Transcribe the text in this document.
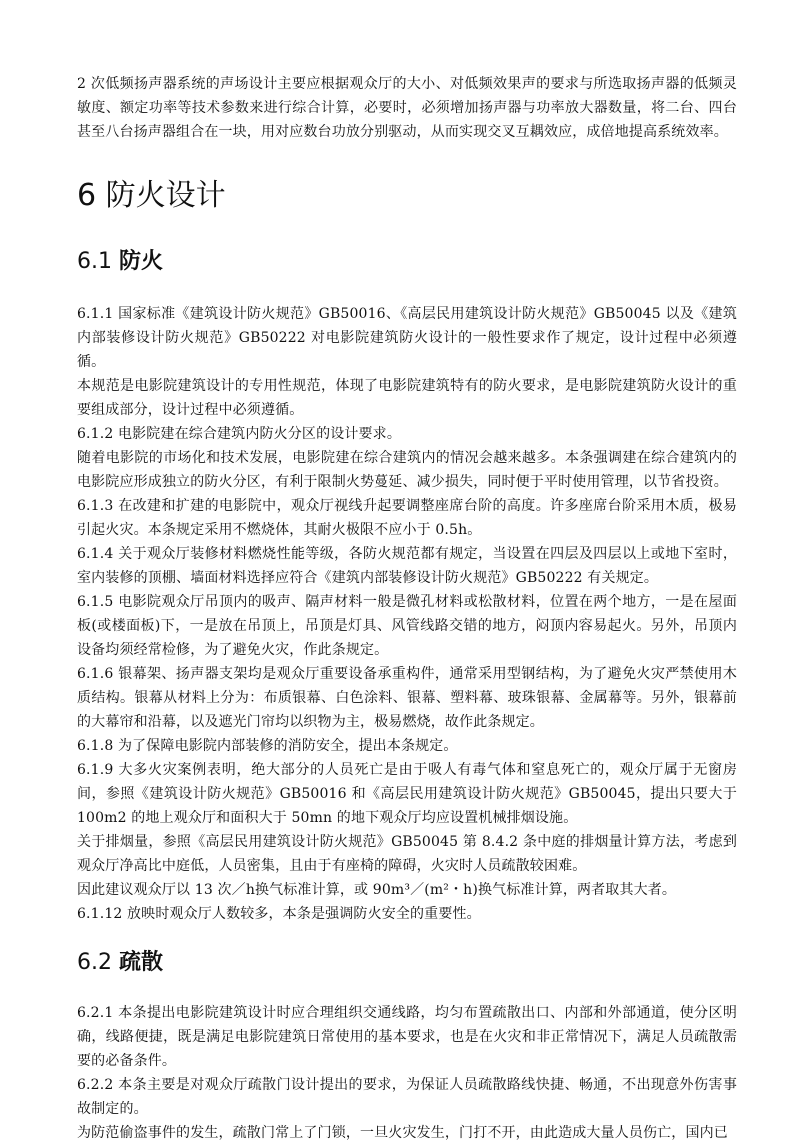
2 次低频扬声器系统的声场设计主要应根据观众厅的大小、对低频效果声的要求与所选取扬声器的低频灵敏度、额定功率等技术参数来进行综合计算，必要时，必须增加扬声器与功率放大器数量，将二台、四台甚至八台扬声器组合在一块，用对应数台功放分别驱动，从而实现交叉互耦效应，成倍地提高系统效率。

6 防火设计
6.1 防火

6.1.1 国家标准《建筑设计防火规范》GB50016、《高层民用建筑设计防火规范》GB50045 以及《建筑内部装修设计防火规范》GB50222 对电影院建筑防火设计的一般性要求作了规定，设计过程中必须遵循。

本规范是电影院建筑设计的专用性规范，体现了电影院建筑特有的防火要求，是电影院建筑防火设计的重要组成部分，设计过程中必须遵循。

6.1.2 电影院建在综合建筑内防火分区的设计要求。

随着电影院的市场化和技术发展，电影院建在综合建筑内的情况会越来越多。本条强调建在综合建筑内的电影院应形成独立的防火分区，有利于限制火势蔓延、减少损失，同时便于平时使用管理，以节省投资。

6.1.3 在改建和扩建的电影院中，观众厅视线升起要调整座席台阶的高度。许多座席台阶采用木质，极易引起火灾。本条规定采用不燃烧体，其耐火极限不应小于 0.5h。

6.1.4 关于观众厅装修材料燃烧性能等级，各防火规范都有规定，当设置在四层及四层以上或地下室时，室内装修的顶棚、墙面材料选择应符合《建筑内部装修设计防火规范》GB50222 有关规定。

6.1.5 电影院观众厅吊顶内的吸声、隔声材料一般是微孔材料或松散材料，位置在两个地方，一是在屋面板(或楼面板)下，一是放在吊顶上，吊顶是灯具、风管线路交错的地方，闷顶内容易起火。另外，吊顶内设备均须经常检修，为了避免火灾，作此条规定。

6.1.6 银幕架、扬声器支架均是观众厅重要设备承重构件，通常采用型钢结构，为了避免火灾严禁使用木质结构。银幕从材料上分为：布质银幕、白色涂料、银幕、塑料幕、玻珠银幕、金属幕等。另外，银幕前的大幕帘和沿幕，以及遮光门帘均以织物为主，极易燃烧，故作此条规定。

6.1.8 为了保障电影院内部装修的消防安全，提出本条规定。

6.1.9 大多火灾案例表明，绝大部分的人员死亡是由于吸人有毒气体和窒息死亡的，观众厅属于无窗房间，参照《建筑设计防火规范》GB50016 和《高层民用建筑设计防火规范》GB50045，提出只要大于 100m2 的地上观众厅和面积大于 50mn 的地下观众厅均应设置机械排烟设施。

关于排烟量，参照《高层民用建筑设计防火规范》GB50045 第 8.4.2 条中庭的排烟量计算方法，考虑到观众厅净高比中庭低，人员密集，且由于有座椅的障碍，火灾时人员疏散较困难。

因此建议观众厅以 13 次／h换气标准计算，或 90m³／(m²・h)换气标准计算，两者取其大者。

6.1.12 放映时观众厅人数较多，本条是强调防火安全的重要性。

6.2 疏散

6.2.1 本条提出电影院建筑设计时应合理组织交通线路，均匀布置疏散出口、内部和外部通道，使分区明确，线路便捷，既是满足电影院建筑日常使用的基本要求，也是在火灾和非正常情况下，满足人员疏散需要的必备条件。

6.2.2 本条主要是对观众厅疏散门设计提出的要求，为保证人员疏散路线快捷、畅通，不出现意外伤害事故制定的。

为防范偷盗事件的发生，疏散门常上了门锁，一旦火灾发生，门打不开，由此造成大量人员伤亡，国内已
